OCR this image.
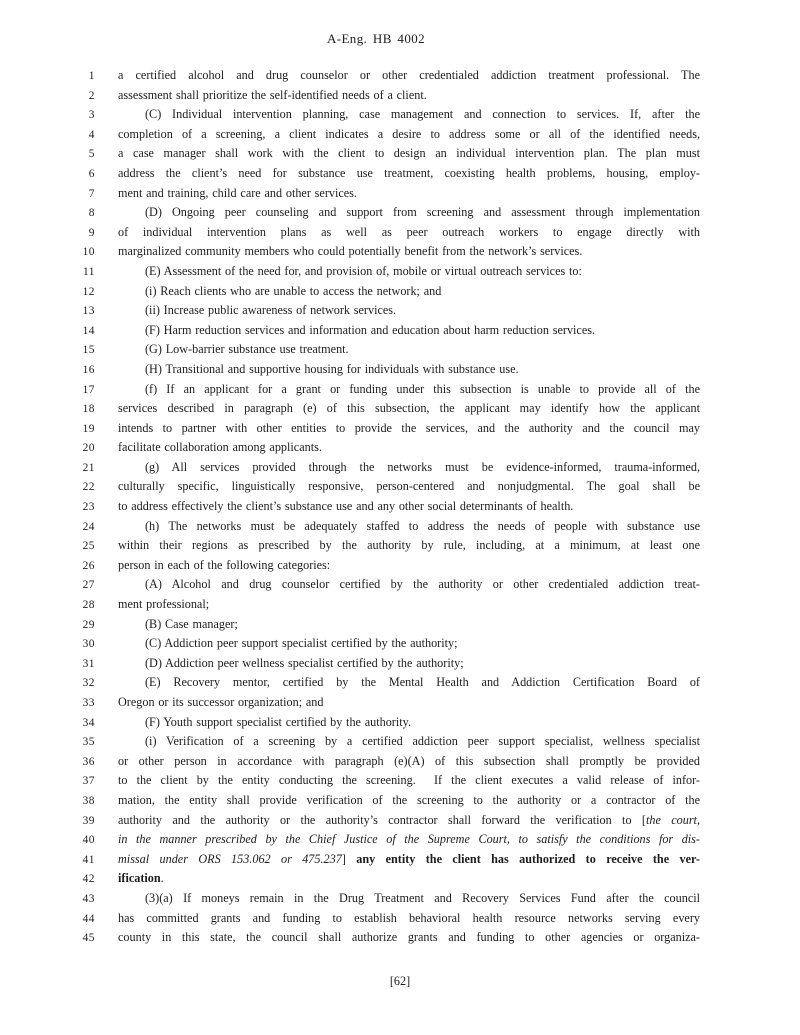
A-Eng. HB 4002
1 a certified alcohol and drug counselor or other credentialed addiction treatment professional. The
2 assessment shall prioritize the self-identified needs of a client.
3	(C) Individual intervention planning, case management and connection to services. If, after the
4 completion of a screening, a client indicates a desire to address some or all of the identified needs,
5 a case manager shall work with the client to design an individual intervention plan. The plan must
6 address the client’s need for substance use treatment, coexisting health problems, housing, employ-
7 ment and training, child care and other services.
8	(D) Ongoing peer counseling and support from screening and assessment through implementation
9 of individual intervention plans as well as peer outreach workers to engage directly with
10 marginalized community members who could potentially benefit from the network’s services.
11	(E) Assessment of the need for, and provision of, mobile or virtual outreach services to:
12	(i) Reach clients who are unable to access the network; and
13	(ii) Increase public awareness of network services.
14	(F) Harm reduction services and information and education about harm reduction services.
15	(G) Low-barrier substance use treatment.
16	(H) Transitional and supportive housing for individuals with substance use.
17	(f) If an applicant for a grant or funding under this subsection is unable to provide all of the
18 services described in paragraph (e) of this subsection, the applicant may identify how the applicant
19 intends to partner with other entities to provide the services, and the authority and the council may
20 facilitate collaboration among applicants.
21	(g) All services provided through the networks must be evidence-informed, trauma-informed,
22 culturally specific, linguistically responsive, person-centered and nonjudgmental. The goal shall be
23 to address effectively the client’s substance use and any other social determinants of health.
24	(h) The networks must be adequately staffed to address the needs of people with substance use
25 within their regions as prescribed by the authority by rule, including, at a minimum, at least one
26 person in each of the following categories:
27	(A) Alcohol and drug counselor certified by the authority or other credentialed addiction treat-
28 ment professional;
29	(B) Case manager;
30	(C) Addiction peer support specialist certified by the authority;
31	(D) Addiction peer wellness specialist certified by the authority;
32	(E) Recovery mentor, certified by the Mental Health and Addiction Certification Board of
33 Oregon or its successor organization; and
34	(F) Youth support specialist certified by the authority.
35	(i) Verification of a screening by a certified addiction peer support specialist, wellness specialist
36 or other person in accordance with paragraph (e)(A) of this subsection shall promptly be provided
37 to the client by the entity conducting the screening.  If the client executes a valid release of infor-
38 mation, the entity shall provide verification of the screening to the authority or a contractor of the
39 authority and the authority or the authority’s contractor shall forward the verification to [the court,
40 in the manner prescribed by the Chief Justice of the Supreme Court, to satisfy the conditions for dis-
41 missal under ORS 153.062 or 475.237] any entity the client has authorized to receive the ver-
42 ification.
43	(3)(a) If moneys remain in the Drug Treatment and Recovery Services Fund after the council
44 has committed grants and funding to establish behavioral health resource networks serving every
45 county in this state, the council shall authorize grants and funding to other agencies or organiza-
[62]
